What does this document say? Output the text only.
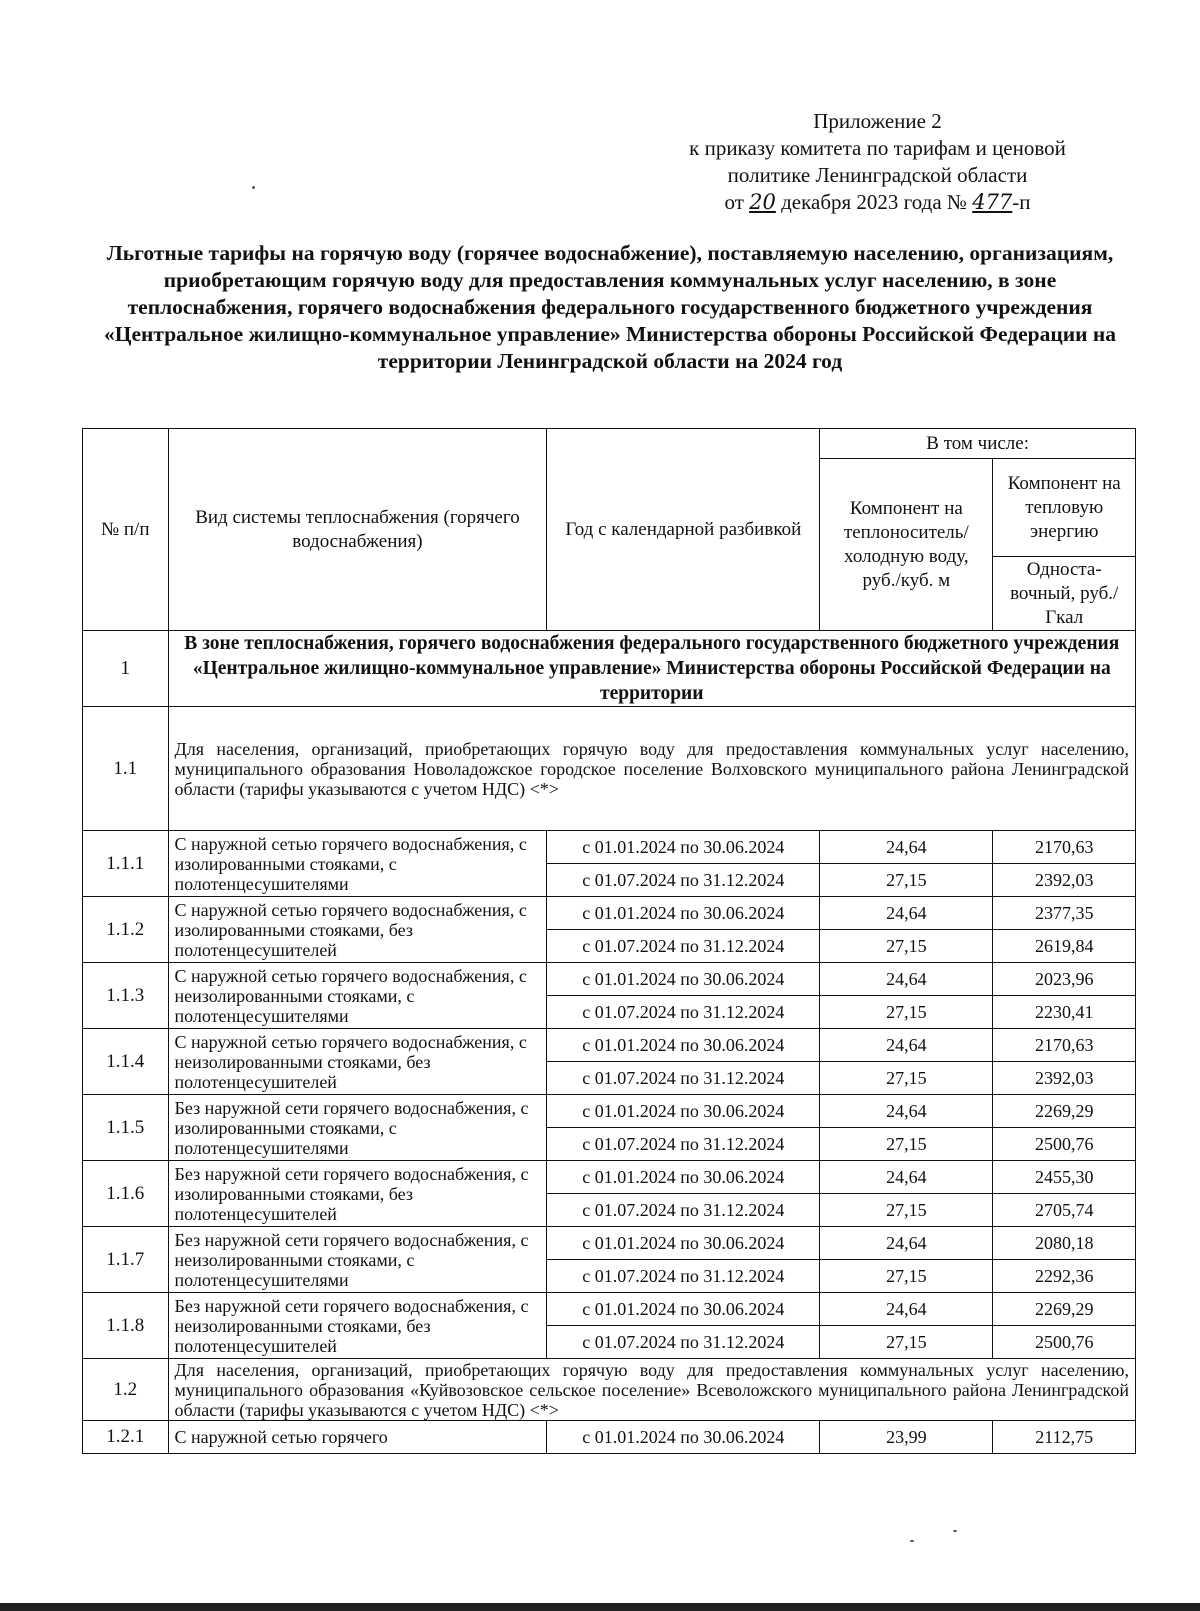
Приложение 2
к приказу комитета по тарифам и ценовой
политике Ленинградской области
от 20 декабря 2023 года № 477-п
Льготные тарифы на горячую воду (горячее водоснабжение), поставляемую населению, организациям, приобретающим горячую воду для предоставления коммунальных услуг населению, в зоне теплоснабжения, горячего водоснабжения федерального государственного бюджетного учреждения «Центральное жилищно-коммунальное управление» Министерства обороны Российской Федерации на территории Ленинградской области на 2024 год
№ п/п	Вид системы теплоснабжения (горячего водоснабжения)	Год с календарной разбивкой	В том числе:	
			Компонент на теплоноситель/ холодную воду, руб./куб. м	Компонент на тепловую энергию
				Односта-вочный, руб./Гкал
1	В зоне теплоснабжения, горячего водоснабжения федерального государственного бюджетного учреждения «Центральное жилищно-коммунальное управление» Министерства обороны Российской Федерации на территории			
1.1	Для населения, организаций, приобретающих горячую воду для предоставления коммунальных услуг населению, муниципального образования Новоладожское городское поселение Волховского муниципального района Ленинградской области (тарифы указываются с учетом НДС) <*>			
1.1.1	С наружной сетью горячего водоснабжения, с изолированными стояками, с полотенцесушителями	с 01.01.2024 по 30.06.2024	24,64	2170,63
		с 01.07.2024 по 31.12.2024	27,15	2392,03
1.1.2	С наружной сетью горячего водоснабжения, с изолированными стояками, без полотенцесушителей	с 01.01.2024 по 30.06.2024	24,64	2377,35
		с 01.07.2024 по 31.12.2024	27,15	2619,84
1.1.3	С наружной сетью горячего водоснабжения, с неизолированными стояками, с полотенцесушителями	с 01.01.2024 по 30.06.2024	24,64	2023,96
		с 01.07.2024 по 31.12.2024	27,15	2230,41
1.1.4	С наружной сетью горячего водоснабжения, с неизолированными стояками, без полотенцесушителей	с 01.01.2024 по 30.06.2024	24,64	2170,63
		с 01.07.2024 по 31.12.2024	27,15	2392,03
1.1.5	Без наружной сети горячего водоснабжения, с изолированными стояками, с полотенцесушителями	с 01.01.2024 по 30.06.2024	24,64	2269,29
		с 01.07.2024 по 31.12.2024	27,15	2500,76
1.1.6	Без наружной сети горячего водоснабжения, с изолированными стояками, без полотенцесушителей	с 01.01.2024 по 30.06.2024	24,64	2455,30
		с 01.07.2024 по 31.12.2024	27,15	2705,74
1.1.7	Без наружной сети горячего водоснабжения, с неизолированными стояками, с полотенцесушителями	с 01.01.2024 по 30.06.2024	24,64	2080,18
		с 01.07.2024 по 31.12.2024	27,15	2292,36
1.1.8	Без наружной сети горячего водоснабжения, с неизолированными стояками, без полотенцесушителей	с 01.01.2024 по 30.06.2024	24,64	2269,29
		с 01.07.2024 по 31.12.2024	27,15	2500,76
1.2	Для населения, организаций, приобретающих горячую воду для предоставления коммунальных услуг населению, муниципального образования «Куйвозовское сельское поселение» Всеволожского муниципального района Ленинградской области (тарифы указываются с учетом НДС) <*>			
1.2.1	С наружной сетью горячего	с 01.01.2024 по 30.06.2024	23,99	2112,75
